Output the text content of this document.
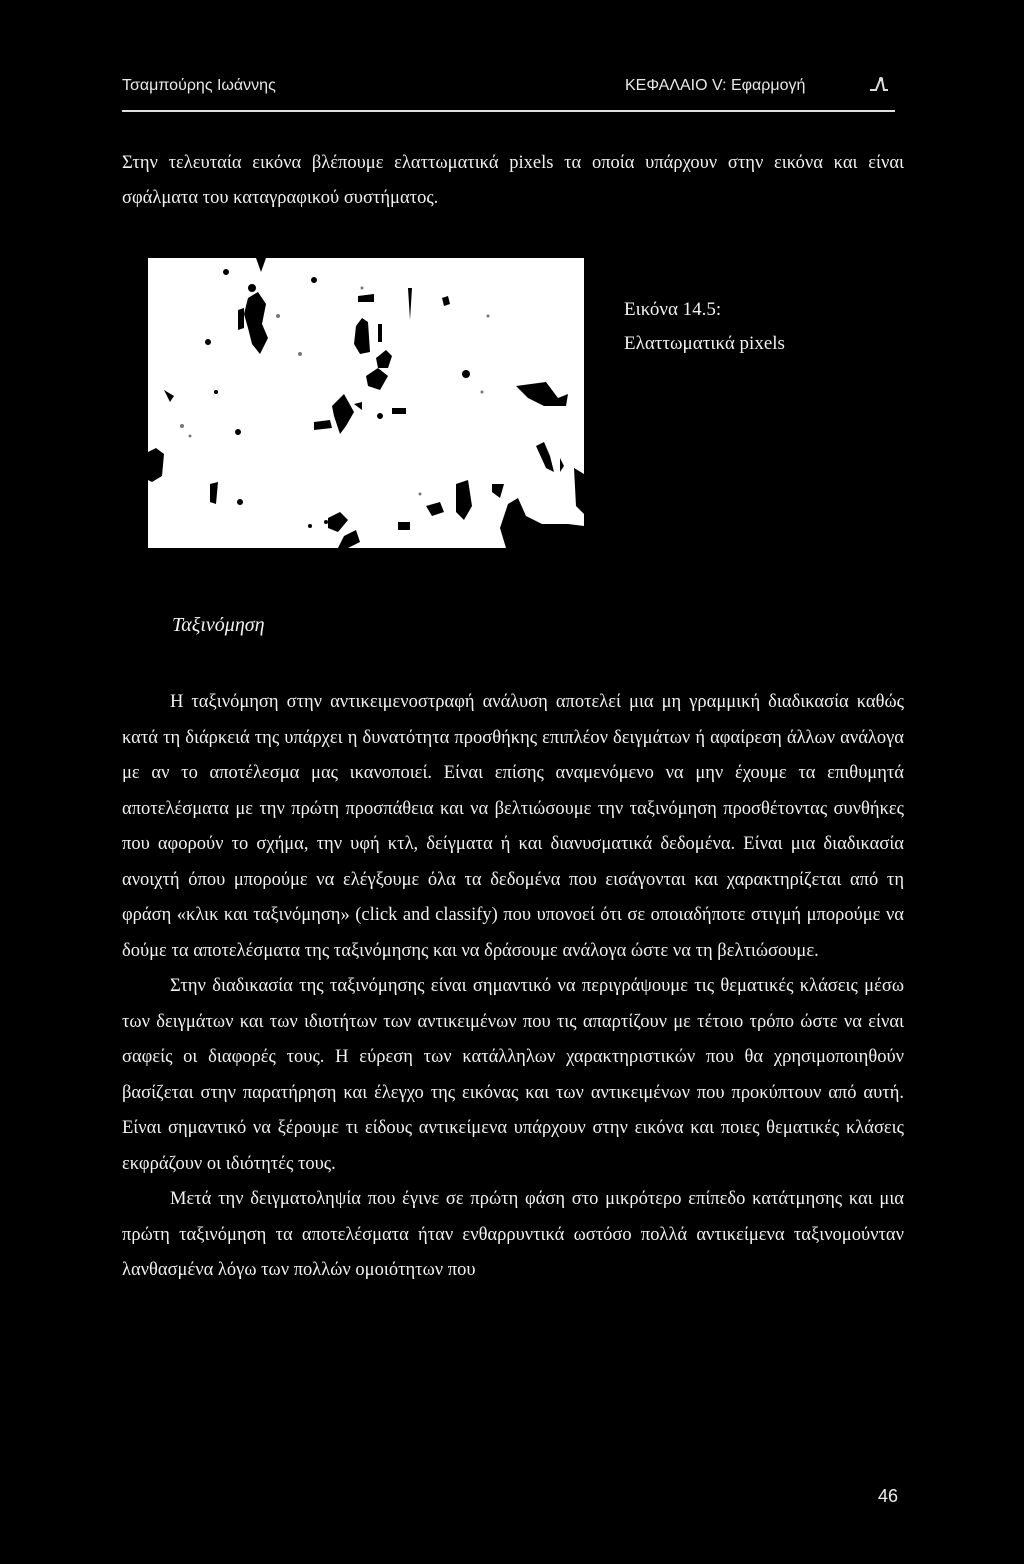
Τσαμπούρης Ιωάννης	ΚΕΦΑΛΑΙΟ V: Εφαρμογή

Στην τελευταία εικόνα βλέπουμε ελαττωματικά pixels τα οποία υπάρχουν στην εικόνα και είναι σφάλματα του καταγραφικού συστήματος.

Εικόνα 14.5:
Ελαττωματικά pixels
Ταξινόμηση

Η ταξινόμηση στην αντικειμενοστραφή ανάλυση αποτελεί μια μη γραμμική διαδικασία καθώς κατά τη διάρκειά της υπάρχει η δυνατότητα προσθήκης επιπλέον δειγμάτων ή αφαίρεση άλλων ανάλογα με αν το αποτέλεσμα μας ικανοποιεί. Είναι επίσης αναμενόμενο να μην έχουμε τα επιθυμητά αποτελέσματα με την πρώτη προσπάθεια και να βελτιώσουμε την ταξινόμηση προσθέτοντας συνθήκες που αφορούν το σχήμα, την υφή κτλ, δείγματα ή και διανυσματικά δεδομένα. Είναι μια διαδικασία ανοιχτή όπου μπορούμε να ελέγξουμε όλα τα δεδομένα που εισάγονται και χαρακτηρίζεται από τη φράση «κλικ και ταξινόμηση» (click and classify) που υπονοεί ότι σε οποιαδήποτε στιγμή μπορούμε να δούμε τα αποτελέσματα της ταξινόμησης και να δράσουμε ανάλογα ώστε να τη βελτιώσουμε.

Στην διαδικασία της ταξινόμησης είναι σημαντικό να περιγράψουμε τις θεματικές κλάσεις μέσω των δειγμάτων και των ιδιοτήτων των αντικειμένων που τις απαρτίζουν με τέτοιο τρόπο ώστε να είναι σαφείς οι διαφορές τους. Η εύρεση των κατάλληλων χαρακτηριστικών που θα χρησιμοποιηθούν βασίζεται στην παρατήρηση και έλεγχο της εικόνας και των αντικειμένων που προκύπτουν από αυτή. Είναι σημαντικό να ξέρουμε τι είδους αντικείμενα υπάρχουν στην εικόνα και ποιες θεματικές κλάσεις εκφράζουν οι ιδιότητές τους.

Μετά την δειγματοληψία που έγινε σε πρώτη φάση στο μικρότερο επίπεδο κατάτμησης και μια πρώτη ταξινόμηση τα αποτελέσματα ήταν ενθαρρυντικά ωστόσο πολλά αντικείμενα ταξινομούνταν λανθασμένα λόγω των πολλών ομοιότητων που

46
